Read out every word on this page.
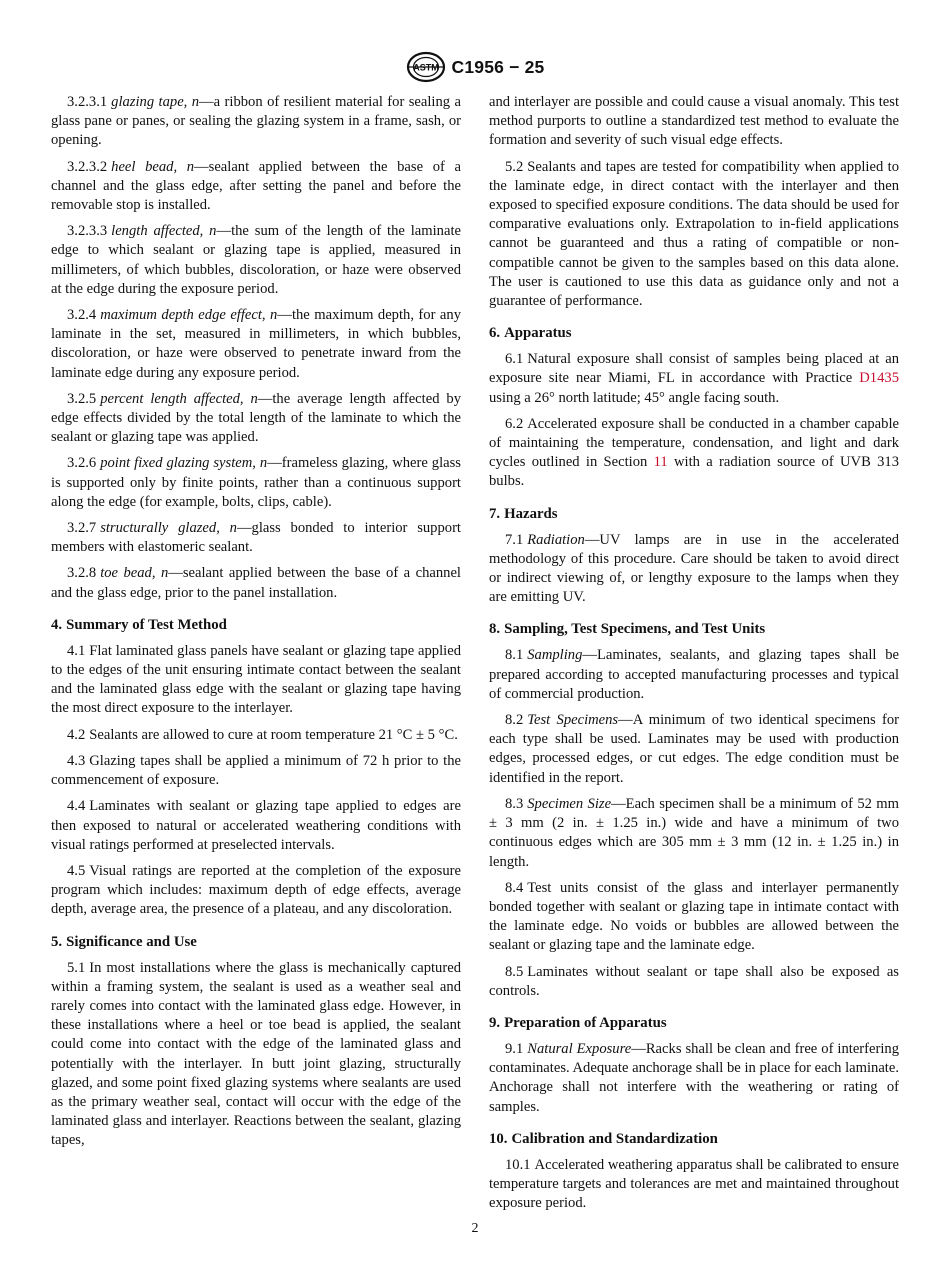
ASTM C1956 − 25

3.2.3.1 glazing tape, n—a ribbon of resilient material for sealing a glass pane or panes, or sealing the glazing system in a frame, sash, or opening.

3.2.3.2 heel bead, n—sealant applied between the base of a channel and the glass edge, after setting the panel and before the removable stop is installed.

3.2.3.3 length affected, n—the sum of the length of the laminate edge to which sealant or glazing tape is applied, measured in millimeters, of which bubbles, discoloration, or haze were observed at the edge during the exposure period.

3.2.4 maximum depth edge effect, n—the maximum depth, for any laminate in the set, measured in millimeters, in which bubbles, discoloration, or haze were observed to penetrate inward from the laminate edge during any exposure period.

3.2.5 percent length affected, n—the average length affected by edge effects divided by the total length of the laminate to which the sealant or glazing tape was applied.

3.2.6 point fixed glazing system, n—frameless glazing, where glass is supported only by finite points, rather than a continuous support along the edge (for example, bolts, clips, cable).

3.2.7 structurally glazed, n—glass bonded to interior support members with elastomeric sealant.

3.2.8 toe bead, n—sealant applied between the base of a channel and the glass edge, prior to the panel installation.

4. Summary of Test Method

4.1 Flat laminated glass panels have sealant or glazing tape applied to the edges of the unit ensuring intimate contact between the sealant and the laminated glass edge with the sealant or glazing tape having the most direct exposure to the interlayer.

4.2 Sealants are allowed to cure at room temperature 21 °C ± 5 °C.

4.3 Glazing tapes shall be applied a minimum of 72 h prior to the commencement of exposure.

4.4 Laminates with sealant or glazing tape applied to edges are then exposed to natural or accelerated weathering conditions with visual ratings performed at preselected intervals.

4.5 Visual ratings are reported at the completion of the exposure program which includes: maximum depth of edge effects, average depth, average area, the presence of a plateau, and any discoloration.

5. Significance and Use

5.1 In most installations where the glass is mechanically captured within a framing system, the sealant is used as a weather seal and rarely comes into contact with the laminated glass edge. However, in these installations where a heel or toe bead is applied, the sealant could come into contact with the edge of the laminated glass and potentially with the interlayer. In butt joint glazing, structurally glazed, and some point fixed glazing systems where sealants are used as the primary weather seal, contact will occur with the edge of the laminated glass and interlayer. Reactions between the sealant, glazing tapes,

and interlayer are possible and could cause a visual anomaly. This test method purports to outline a standardized test method to evaluate the formation and severity of such visual edge effects.

5.2 Sealants and tapes are tested for compatibility when applied to the laminate edge, in direct contact with the interlayer and then exposed to specified exposure conditions. The data should be used for comparative evaluations only. Extrapolation to in-field applications cannot be guaranteed and thus a rating of compatible or non-compatible cannot be given to the samples based on this data alone. The user is cautioned to use this data as guidance only and not a guarantee of performance.

6. Apparatus

6.1 Natural exposure shall consist of samples being placed at an exposure site near Miami, FL in accordance with Practice D1435 using a 26° north latitude; 45° angle facing south.

6.2 Accelerated exposure shall be conducted in a chamber capable of maintaining the temperature, condensation, and light and dark cycles outlined in Section 11 with a radiation source of UVB 313 bulbs.

7. Hazards

7.1 Radiation—UV lamps are in use in the accelerated methodology of this procedure. Care should be taken to avoid direct or indirect viewing of, or lengthy exposure to the lamps when they are emitting UV.

8. Sampling, Test Specimens, and Test Units

8.1 Sampling—Laminates, sealants, and glazing tapes shall be prepared according to accepted manufacturing processes and typical of commercial production.

8.2 Test Specimens—A minimum of two identical specimens for each type shall be used. Laminates may be used with production edges, processed edges, or cut edges. The edge condition must be identified in the report.

8.3 Specimen Size—Each specimen shall be a minimum of 52 mm ± 3 mm (2 in. ± 1.25 in.) wide and have a minimum of two continuous edges which are 305 mm ± 3 mm (12 in. ± 1.25 in.) in length.

8.4 Test units consist of the glass and interlayer permanently bonded together with sealant or glazing tape in intimate contact with the laminate edge. No voids or bubbles are allowed between the sealant or glazing tape and the laminate edge.

8.5 Laminates without sealant or tape shall also be exposed as controls.

9. Preparation of Apparatus

9.1 Natural Exposure—Racks shall be clean and free of interfering contaminates. Adequate anchorage shall be in place for each laminate. Anchorage shall not interfere with the weathering or rating of samples.

10. Calibration and Standardization

10.1 Accelerated weathering apparatus shall be calibrated to ensure temperature targets and tolerances are met and maintained throughout exposure period.

2
